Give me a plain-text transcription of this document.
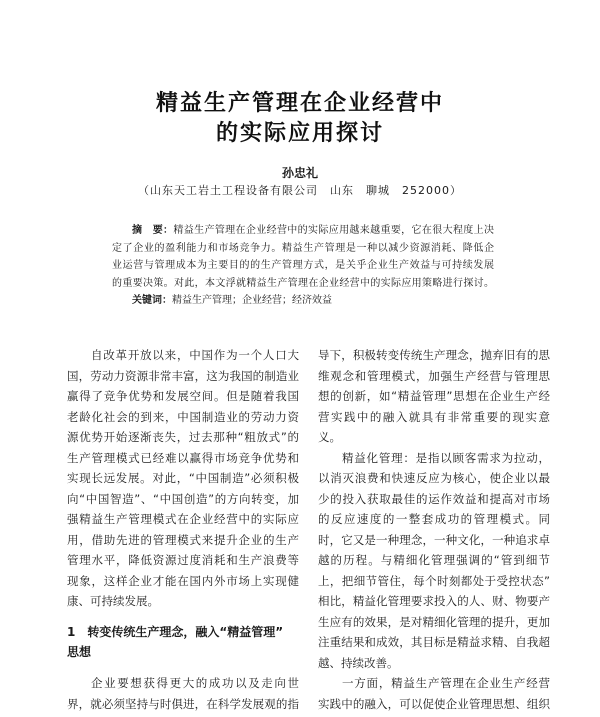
精益生产管理在企业经营中
的实际应用探讨
孙忠礼
（山东天工岩土工程设备有限公司　山东　聊城　252000）
摘　要：精益生产管理在企业经营中的实际应用越来越重要，它在很大程度上决
定了企业的盈利能力和市场竞争力。精益生产管理是一种以减少资源消耗、降低企
业运营与管理成本为主要目的的生产管理方式，是关乎企业生产效益与可持续发展
的重要决策。对此，本文浮就精益生产管理在企业经营中的实际应用策略进行探讨。
关键词：精益生产管理；企业经营；经济效益
自改革开放以来，中国作为一个人口大
国，劳动力资源非常丰富，这为我国的制造业
赢得了竞争优势和发展空间。但是随着我国
老龄化社会的到来，中国制造业的劳动力资
源优势开始逐渐丧失，过去那种“粗放式”的
生产管理模式已经难以赢得市场竞争优势和
实现长远发展。对此，“中国制造”必须积极
向“中国智造”、“中国创造”的方向转变，加
强精益生产管理模式在企业经营中的实际应
用，借助先进的管理模式来提升企业的生产
管理水平，降低资源过度消耗和生产浪费等
现象，这样企业才能在国内外市场上实现健
康、可持续发展。
1　转变传统生产理念，融入“精益管理”
思想
企业要想获得更大的成功以及走向世
界，就必须坚持与时俱进，在科学发展观的指
导下，积极转变传统生产理念，抛弃旧有的思
维观念和管理模式，加强生产经营与管理思
想的创新，如“精益管理”思想在企业生产经
营实践中的融入就具有非常重要的现实意
义。
精益化管理：是指以顾客需求为拉动，
以消灭浪费和快速反应为核心，使企业以最
少的投入获取最佳的运作效益和提高对市场
的反应速度的一整套成功的管理模式。同
时，它又是一种理念，一种文化，一种追求卓
越的历程。与精细化管理强调的“管到细节
上，把细节管住，每个时刻都处于受控状态”
相比，精益化管理要求投入的人、财、物要产
生应有的效果，是对精细化管理的提升，更加
注重结果和成效，其目标是精益求精、自我超
越、持续改善。
一方面，精益生产管理在企业生产经营
实践中的融入，可以促使企业管理思想、组织
